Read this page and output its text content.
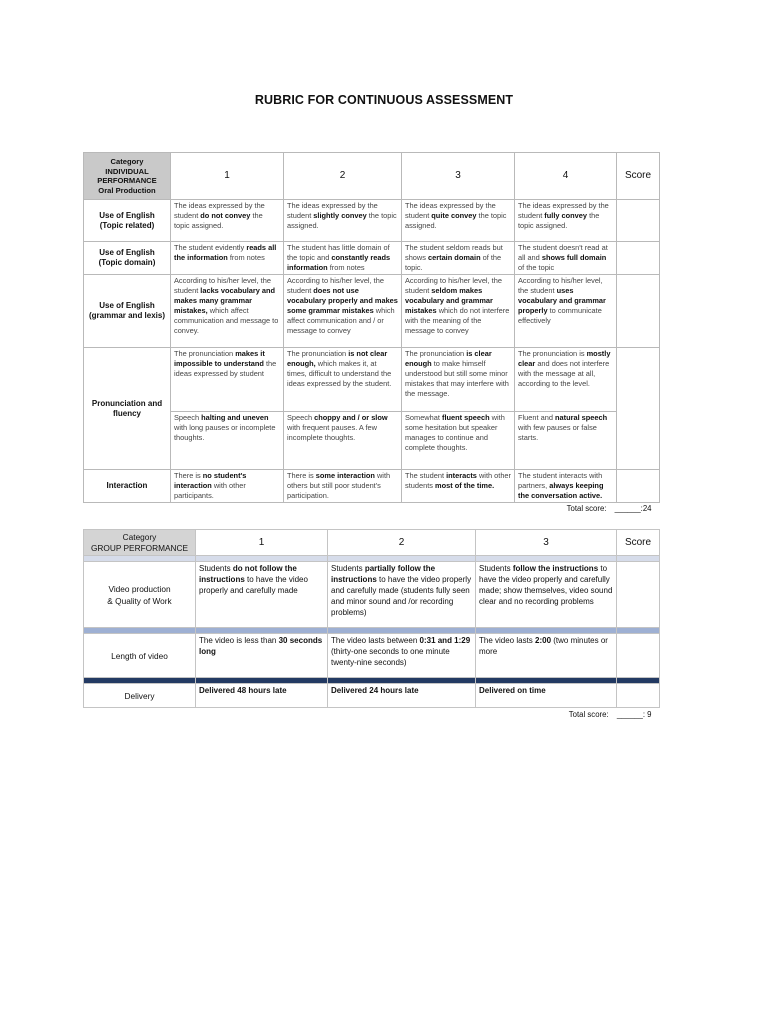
RUBRIC FOR CONTINUOUS ASSESSMENT
Category
INDIVIDUAL
PERFORMANCE
Oral Production	1	2	3	4	Score

Use of English
(Topic related)	The ideas expressed by the student do not convey the topic assigned.	The ideas expressed by the student slightly convey the topic assigned.	The ideas expressed by the student quite convey the topic assigned.	The ideas expressed by the student fully convey the topic assigned.	

Use of English
(Topic domain)	The student evidently reads all the information from notes	The student has little domain of the topic and constantly reads information from notes	The student seldom reads but shows certain domain of the topic.	The student doesn't read at all and shows full domain of the topic	

Use of English
(grammar and lexis)	According to his/her level, the student lacks vocabulary and makes many grammar mistakes, which affect communication and message to convey.	According to his/her level, the student does not use vocabulary properly and makes some grammar mistakes which affect communication and / or message to convey	According to his/her level, the student seldom makes vocabulary and grammar mistakes which do not interfere with the meaning of the message to convey	According to his/her level, the student uses vocabulary and grammar properly to communicate effectively	

Pronunciation and
fluency	The pronunciation makes it impossible to understand the ideas expressed by student	The pronunciation is not clear enough, which makes it, at times, difficult to understand the ideas expressed by the student.	The pronunciation is clear enough to make himself understood but still some minor mistakes that may interfere with the message.	The pronunciation is mostly clear and does not interfere with the message at all, according to the level.	
	Speech halting and uneven with long pauses or incomplete thoughts.	Speech choppy and / or slow with frequent pauses. A few incomplete thoughts.	Somewhat fluent speech with some hesitation but speaker manages to continue and complete thoughts.	Fluent and natural speech with few pauses or false starts.	

Interaction	There is no student's interaction with other participants.	There is some interaction with others but still poor student's participation.	The student interacts with other students most of the time.	The student interacts with partners, always keeping the conversation active.	
Total score: ______:24					
Category
GROUP PERFORMANCE	1	2	3	Score

Video production
& Quality of Work	Students do not follow the instructions to have the video properly and carefully made	Students partially follow the instructions to have the video properly and carefully made (students fully seen and minor sound and /or recording problems)	Students follow the instructions to have the video properly and carefully made; show themselves, video sound clear and no recording problems	

Length of video	The video is less than 30 seconds long	The video lasts between 0:31 and 1:29 (thirty-one seconds to one minute twenty-nine seconds)	The video lasts 2:00 (two minutes or more	

Delivery	Delivered 48 hours late	Delivered 24 hours late	Delivered on time	
Total score: ______: 9				
